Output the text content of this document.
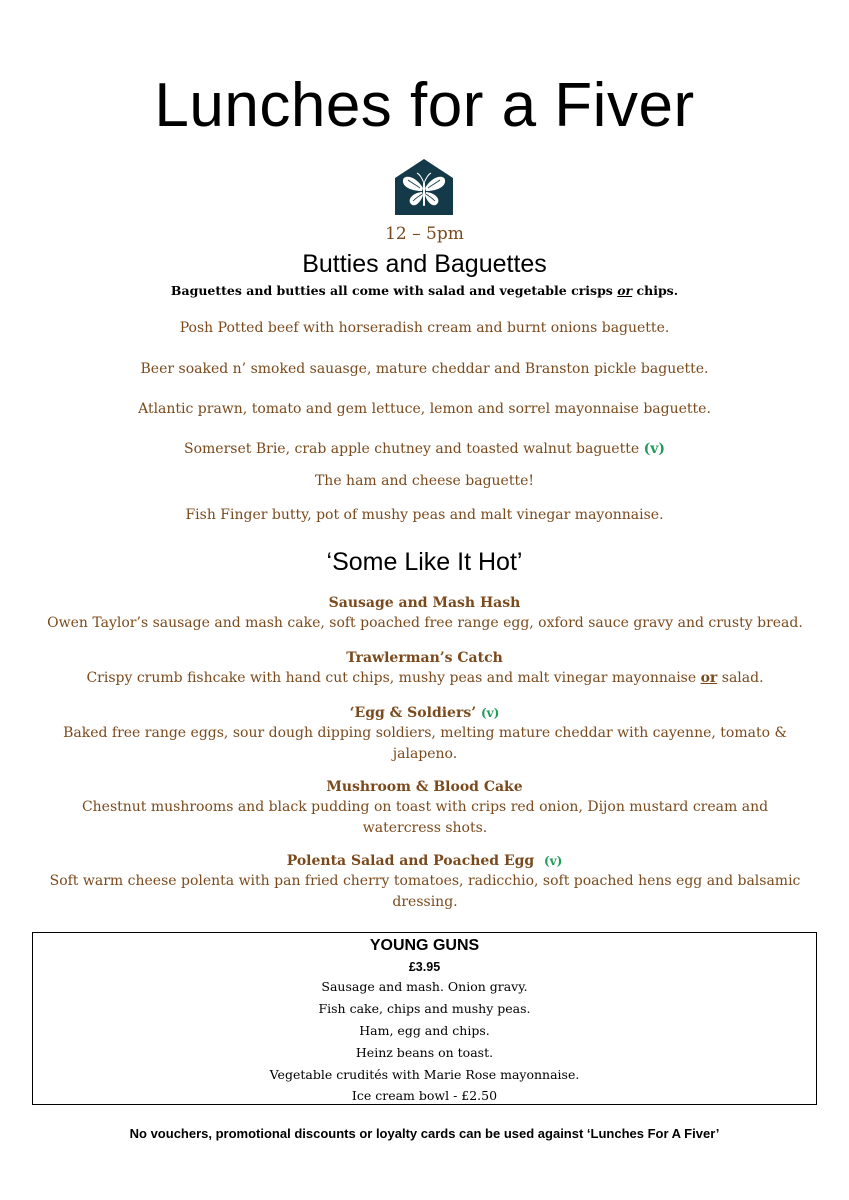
Lunches for a Fiver
12 – 5pm
Butties and Baguettes
Baguettes and butties all come with salad and vegetable crisps or chips.
Posh Potted beef with horseradish cream and burnt onions baguette.
Beer soaked n’ smoked sauasge, mature cheddar and Branston pickle baguette.
Atlantic prawn, tomato and gem lettuce, lemon and sorrel mayonnaise baguette.
Somerset Brie, crab apple chutney and toasted walnut baguette (v)
The ham and cheese baguette!
Fish Finger butty, pot of mushy peas and malt vinegar mayonnaise.
‘Some Like It Hot’
Sausage and Mash Hash
Owen Taylor’s sausage and mash cake, soft poached free range egg, oxford sauce gravy and crusty bread.
Trawlerman’s Catch
Crispy crumb fishcake with hand cut chips, mushy peas and malt vinegar mayonnaise or salad.
‘Egg & Soldiers’ (v)
Baked free range eggs, sour dough dipping soldiers, melting mature cheddar with cayenne, tomato & jalapeno.
Mushroom & Blood Cake
Chestnut mushrooms and black pudding on toast with crips red onion, Dijon mustard cream and watercress shots.
Polenta Salad and Poached Egg (v)
Soft warm cheese polenta with pan fried cherry tomatoes, radicchio, soft poached hens egg and balsamic dressing.
YOUNG GUNS
£3.95
Sausage and mash. Onion gravy.
Fish cake, chips and mushy peas.
Ham, egg and chips.
Heinz beans on toast.
Vegetable crudités with Marie Rose mayonnaise.
Ice cream bowl - £2.50
No vouchers, promotional discounts or loyalty cards can be used against ‘Lunches For A Fiver’
